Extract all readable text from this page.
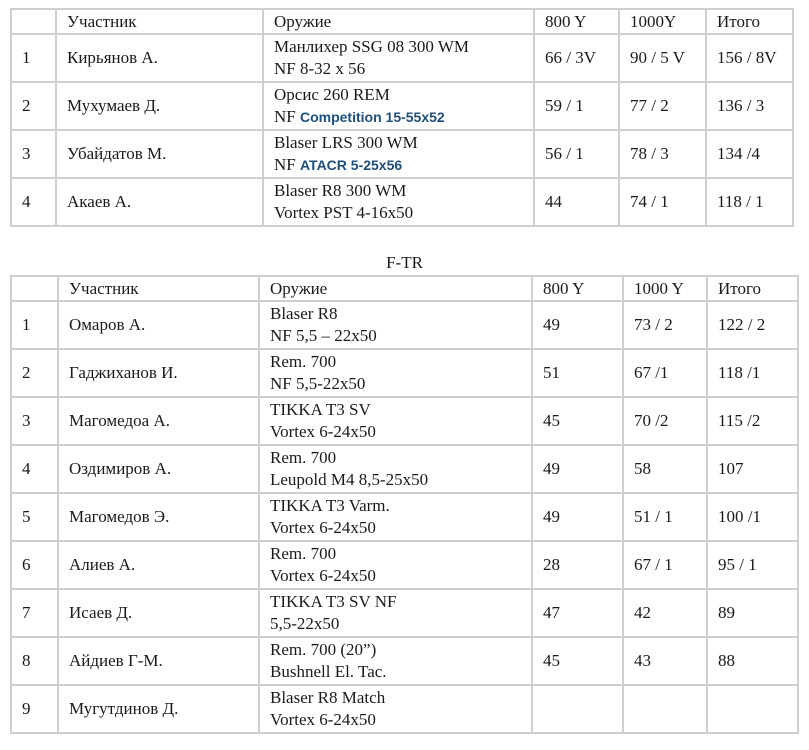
	Участник	Оружие	800 Y	1000Y	Итого
1	Кирьянов А.	Манлихер SSG 08 300 WM
NF 8-32 x 56	66 / 3V	90 / 5 V	156 / 8V
2	Мухумаев Д.	Орсис 260 REM
NF Competition 15-55x52	59 / 1	77 / 2	136 / 3
3	Убайдатов М.	Blaser LRS 300 WM
NF ATACR 5-25x56	56 / 1	78 / 3	134 /4
4	Акаев А.	Blaser R8 300 WM
Vortex PST 4-16x50	44	74 / 1	118 / 1
F-TR
	Участник	Оружие	800 Y	1000 Y	Итого
1	Омаров А.	Blaser R8
NF 5,5 – 22x50	49	73 / 2	122 / 2
2	Гаджиханов И.	Rem. 700
NF 5,5-22x50	51	67 /1	118 /1
3	Магомедоа А.	TIKKA T3 SV
Vortex 6-24x50	45	70 /2	115 /2
4	Оздимиров А.	Rem. 700
Leupold M4 8,5-25x50	49	58	107
5	Магомедов Э.	TIKKA T3 Varm.
Vortex 6-24x50	49	51 / 1	100 /1
6	Алиев А.	Rem. 700
Vortex 6-24x50	28	67 / 1	95 / 1
7	Исаев Д.	TIKKA T3 SV NF
5,5-22x50	47	42	89
8	Айдиев Г-М.	Rem. 700 (20”)
Bushnell El. Tac.	45	43	88
9	Мугутдинов Д.	Blaser R8 Match
Vortex 6-24x50			
